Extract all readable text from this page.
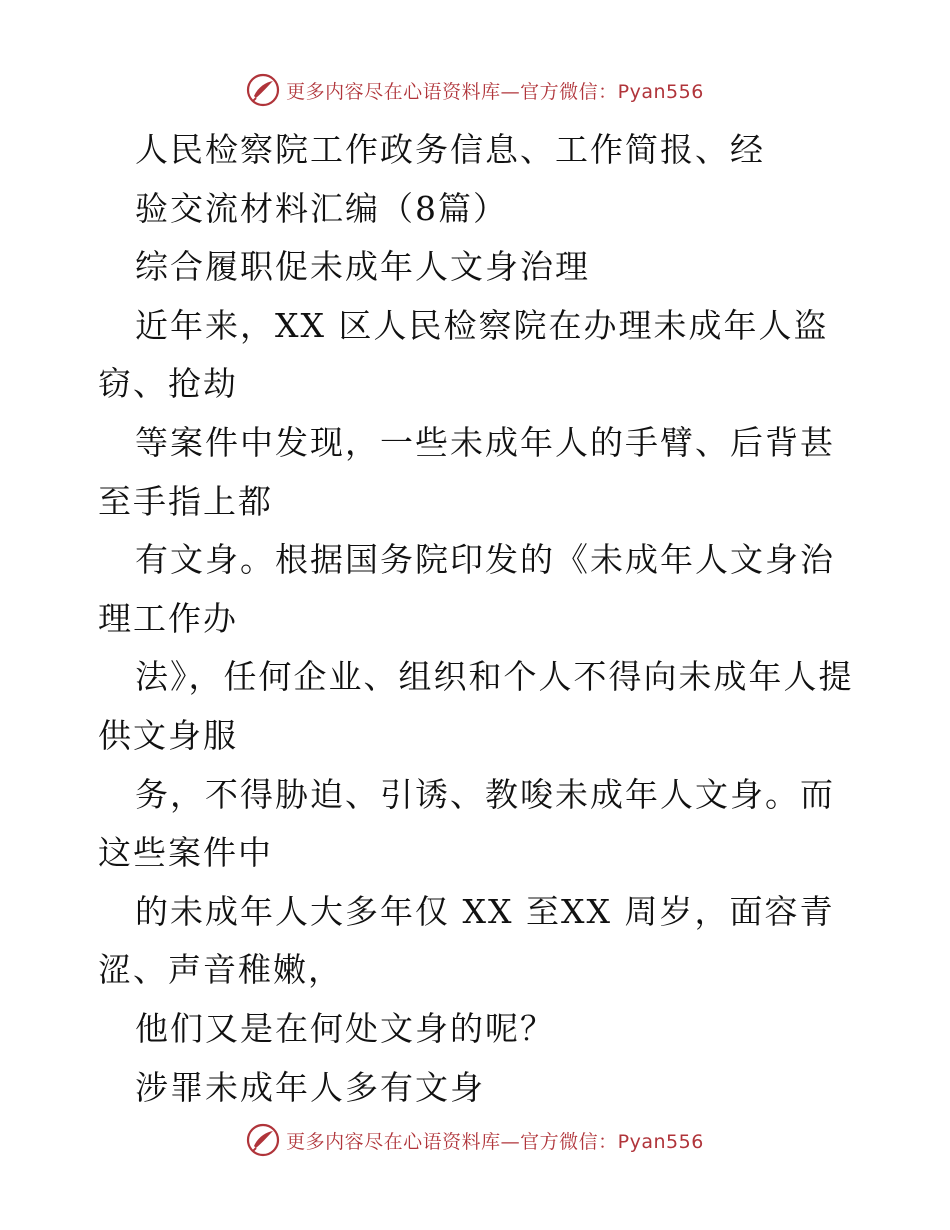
更多内容尽在心语资料库—官方微信：Pyan556

人民检察院工作政务信息、工作简报、经

验交流材料汇编（8篇）

综合履职促未成年人文身治理

近年来，XX 区人民检察院在办理未成年人盗窃、抢劫

等案件中发现，一些未成年人的手臂、后背甚至手指上都

有文身。根据国务院印发的《未成年人文身治理工作办

法》，任何企业、组织和个人不得向未成年人提供文身服

务，不得胁迫、引诱、教唆未成年人文身。而这些案件中

的未成年人大多年仅 XX 至XX 周岁，面容青涩、声音稚嫩，

他们又是在何处文身的呢？

涉罪未成年人多有文身

更多内容尽在心语资料库—官方微信：Pyan556
